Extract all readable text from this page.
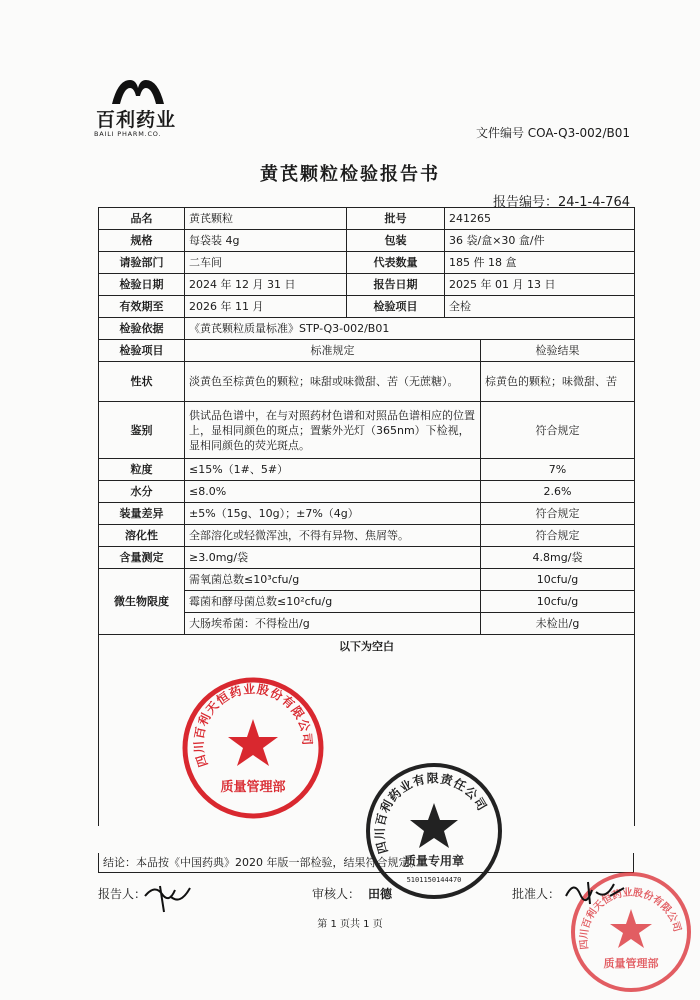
百利药业
BAILI PHARM.CO.	文件编号 COA-Q3-002/B01
黄芪颗粒检验报告书
报告编号：24-1-4-764
品名	黄芪颗粒	批号	241265	
规格	每袋装 4g	包装	36 袋/盒×30 盒/件	
请验部门	二车间	代表数量	185 件 18 盒	
检验日期	2024 年 12 月 31 日	报告日期	2025 年 01 月 13 日	
有效期至	2026 年 11 月	检验项目	全检	
检验依据	《黄芪颗粒质量标准》STP-Q3-002/B01			
检验项目	标准规定			检验结果
性状	淡黄色至棕黄色的颗粒；味甜或味微甜、苦（无蔗糖）。			棕黄色的颗粒；味微甜、苦
鉴别	供试品色谱中，在与对照药材色谱和对照品色谱相应的位置上，显相同颜色的斑点；置紫外光灯（365nm）下检视，显相同颜色的荧光斑点。			符合规定
粒度	≤15%（1#、5#）			7%
水分	≤8.0%			2.6%
装量差异	±5%（15g、10g）；±7%（4g）			符合规定
溶化性	全部溶化或轻微浑浊，不得有异物、焦屑等。			符合规定
含量测定	≥3.0mg/袋			4.8mg/袋
微生物限度	需氧菌总数≤10³cfu/g			10cfu/g
	霉菌和酵母菌总数≤10²cfu/g			10cfu/g
	大肠埃希菌：不得检出/g			未检出/g
以下为空白				
结论：本品按《中国药典》2020 年版一部检验，结果符合规定。
四川百利天恒药业股份有限公司
质量管理部
四川百利药业有限责任公司
质量专用章
5101150144470
四川百利天恒药业股份有限公司
质量管理部
报告人：	审核人： 田德	批准人：
第 1 页共 1 页
